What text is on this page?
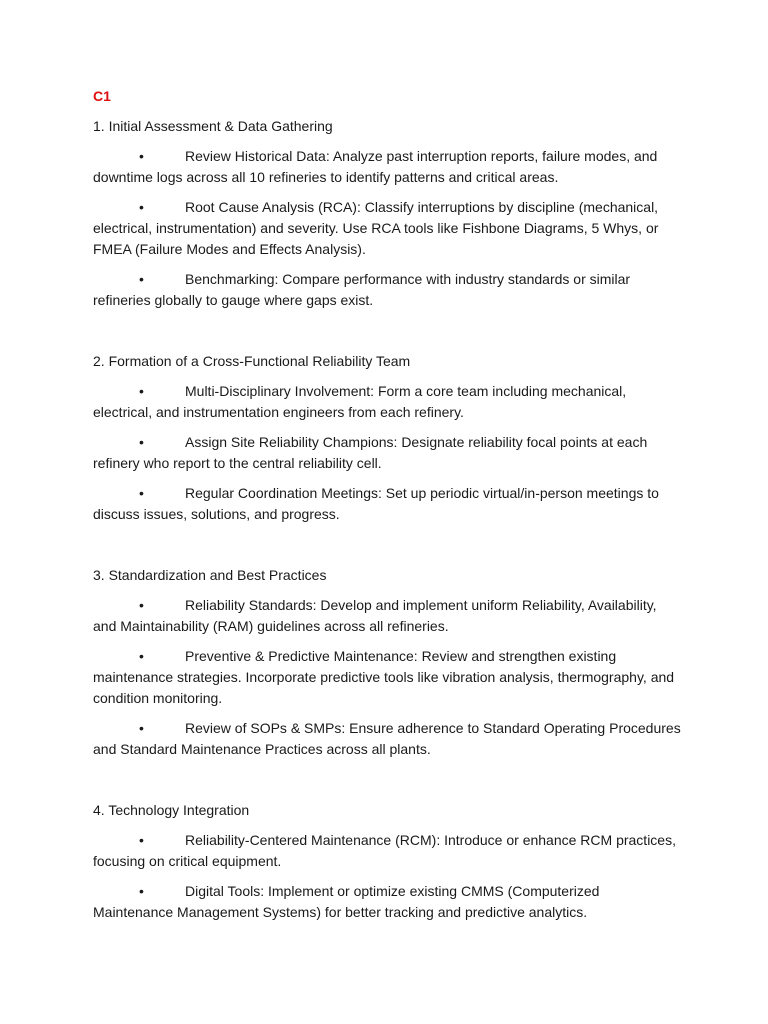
C1
1. Initial Assessment & Data Gathering

•	Review Historical Data: Analyze past interruption reports, failure modes, and downtime logs across all 10 refineries to identify patterns and critical areas.

•	Root Cause Analysis (RCA): Classify interruptions by discipline (mechanical, electrical, instrumentation) and severity. Use RCA tools like Fishbone Diagrams, 5 Whys, or FMEA (Failure Modes and Effects Analysis).

•	Benchmarking: Compare performance with industry standards or similar refineries globally to gauge where gaps exist.

2. Formation of a Cross-Functional Reliability Team

•	Multi-Disciplinary Involvement: Form a core team including mechanical, electrical, and instrumentation engineers from each refinery.

•	Assign Site Reliability Champions: Designate reliability focal points at each refinery who report to the central reliability cell.

•	Regular Coordination Meetings: Set up periodic virtual/in-person meetings to discuss issues, solutions, and progress.

3. Standardization and Best Practices

•	Reliability Standards: Develop and implement uniform Reliability, Availability, and Maintainability (RAM) guidelines across all refineries.

•	Preventive & Predictive Maintenance: Review and strengthen existing maintenance strategies. Incorporate predictive tools like vibration analysis, thermography, and condition monitoring.

•	Review of SOPs & SMPs: Ensure adherence to Standard Operating Procedures and Standard Maintenance Practices across all plants.

4. Technology Integration

•	Reliability-Centered Maintenance (RCM): Introduce or enhance RCM practices, focusing on critical equipment.

•	Digital Tools: Implement or optimize existing CMMS (Computerized Maintenance Management Systems) for better tracking and predictive analytics.
